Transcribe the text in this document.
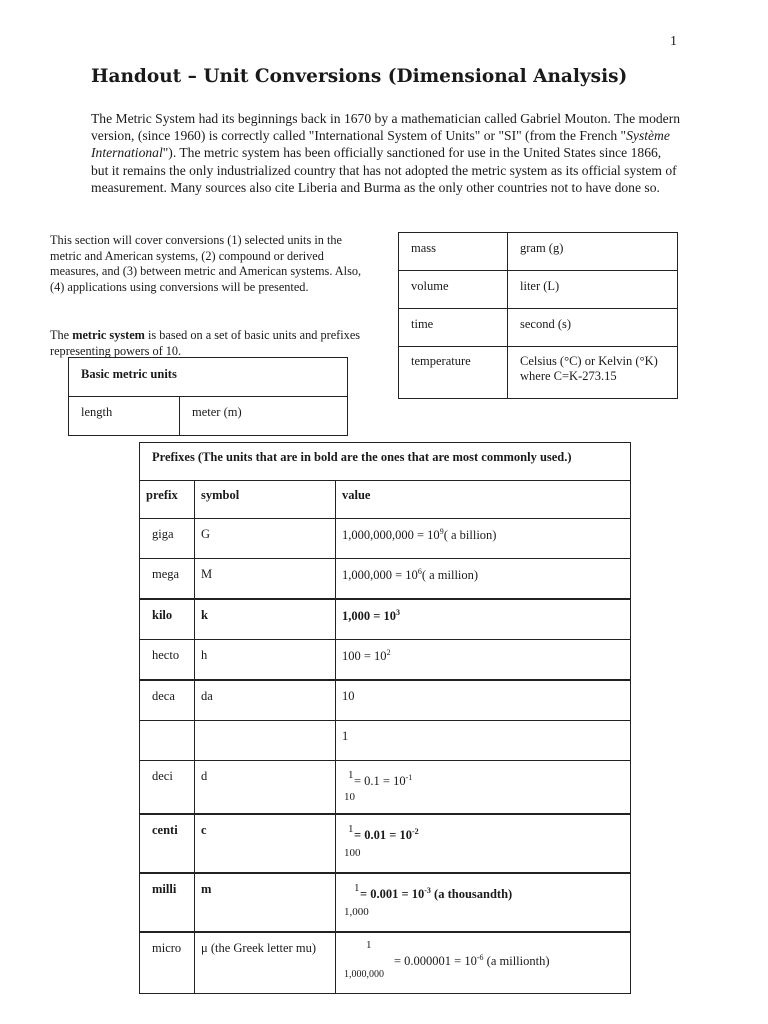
1
Handout – Unit Conversions (Dimensional Analysis)

The Metric System had its beginnings back in 1670 by a mathematician called Gabriel Mouton. The modern version, (since 1960) is correctly called "International System of Units" or "SI" (from the French "Système International"). The metric system has been officially sanctioned for use in the United States since 1866, but it remains the only industrialized country that has not adopted the metric system as its official system of measurement. Many sources also cite Liberia and Burma as the only other countries not to have done so.

This section will cover conversions (1) selected units in the metric and American systems, (2) compound or derived measures, and (3) between metric and American systems. Also, (4) applications using conversions will be presented.

The metric system is based on a set of basic units and prefixes representing powers of 10.

Basic metric units
length	meter (m)
mass	gram (g)
volume	liter (L)
time	second (s)
temperature	Celsius (°C) or Kelvin (°K) where C=K-273.15
Prefixes (The units that are in bold are the ones that are most commonly used.)		
prefix	symbol	value
giga	G	$1,000,000,000 = 10^9$( a billion)
mega	M	$1,000,000 = 10^6$( a million)
kilo	k	$1,000 = 10^3$
hecto	h	$100 = 10^2$
deca	da	10
		1
deci	d	$1 = 0.1 = 10^{-1}$
10

centi	c	$1 = 0.01 = 10^{-2}$
100

milli	m	$1 = 0.001 = 10^{-3}$ (a thousandth)
1,000

micro	μ (the Greek letter mu)	1
= $0.000001 = 10^{-6}$ (a millionth)
1,000,000
